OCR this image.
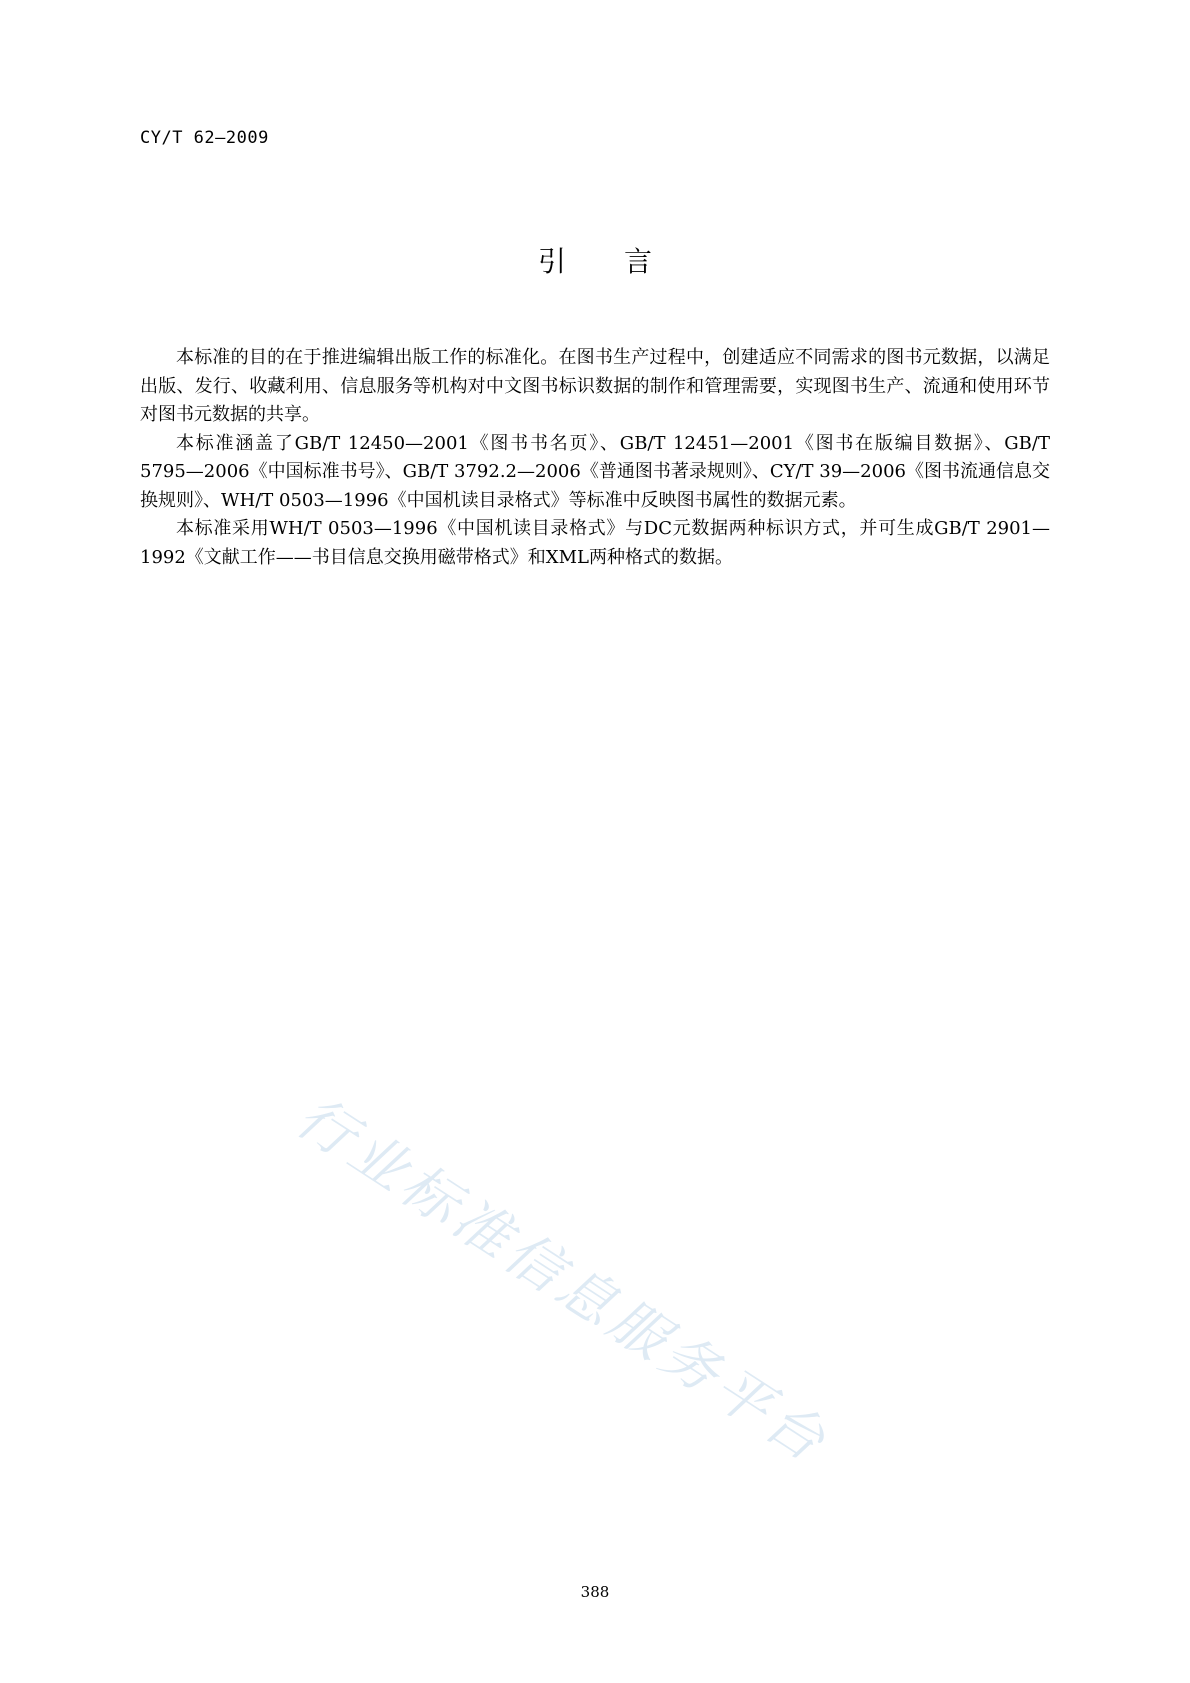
CY/T 62—2009
引言

本标准的目的在于推进编辑出版工作的标准化。在图书生产过程中，创建适应不同需求的图书元数据，以满足出版、发行、收藏利用、信息服务等机构对中文图书标识数据的制作和管理需要，实现图书生产、流通和使用环节对图书元数据的共享。

本标准涵盖了GB/T 12450—2001《图书书名页》、GB/T 12451—2001《图书在版编目数据》、GB/T 5795—2006《中国标准书号》、GB/T 3792.2—2006《普通图书著录规则》、CY/T 39—2006《图书流通信息交换规则》、WH/T 0503—1996《中国机读目录格式》等标准中反映图书属性的数据元素。

本标准采用WH/T 0503—1996《中国机读目录格式》与DC元数据两种标识方式，并可生成GB/T 2901—1992《文献工作——书目信息交换用磁带格式》和XML两种格式的数据。

行业标准信息服务平台
388
